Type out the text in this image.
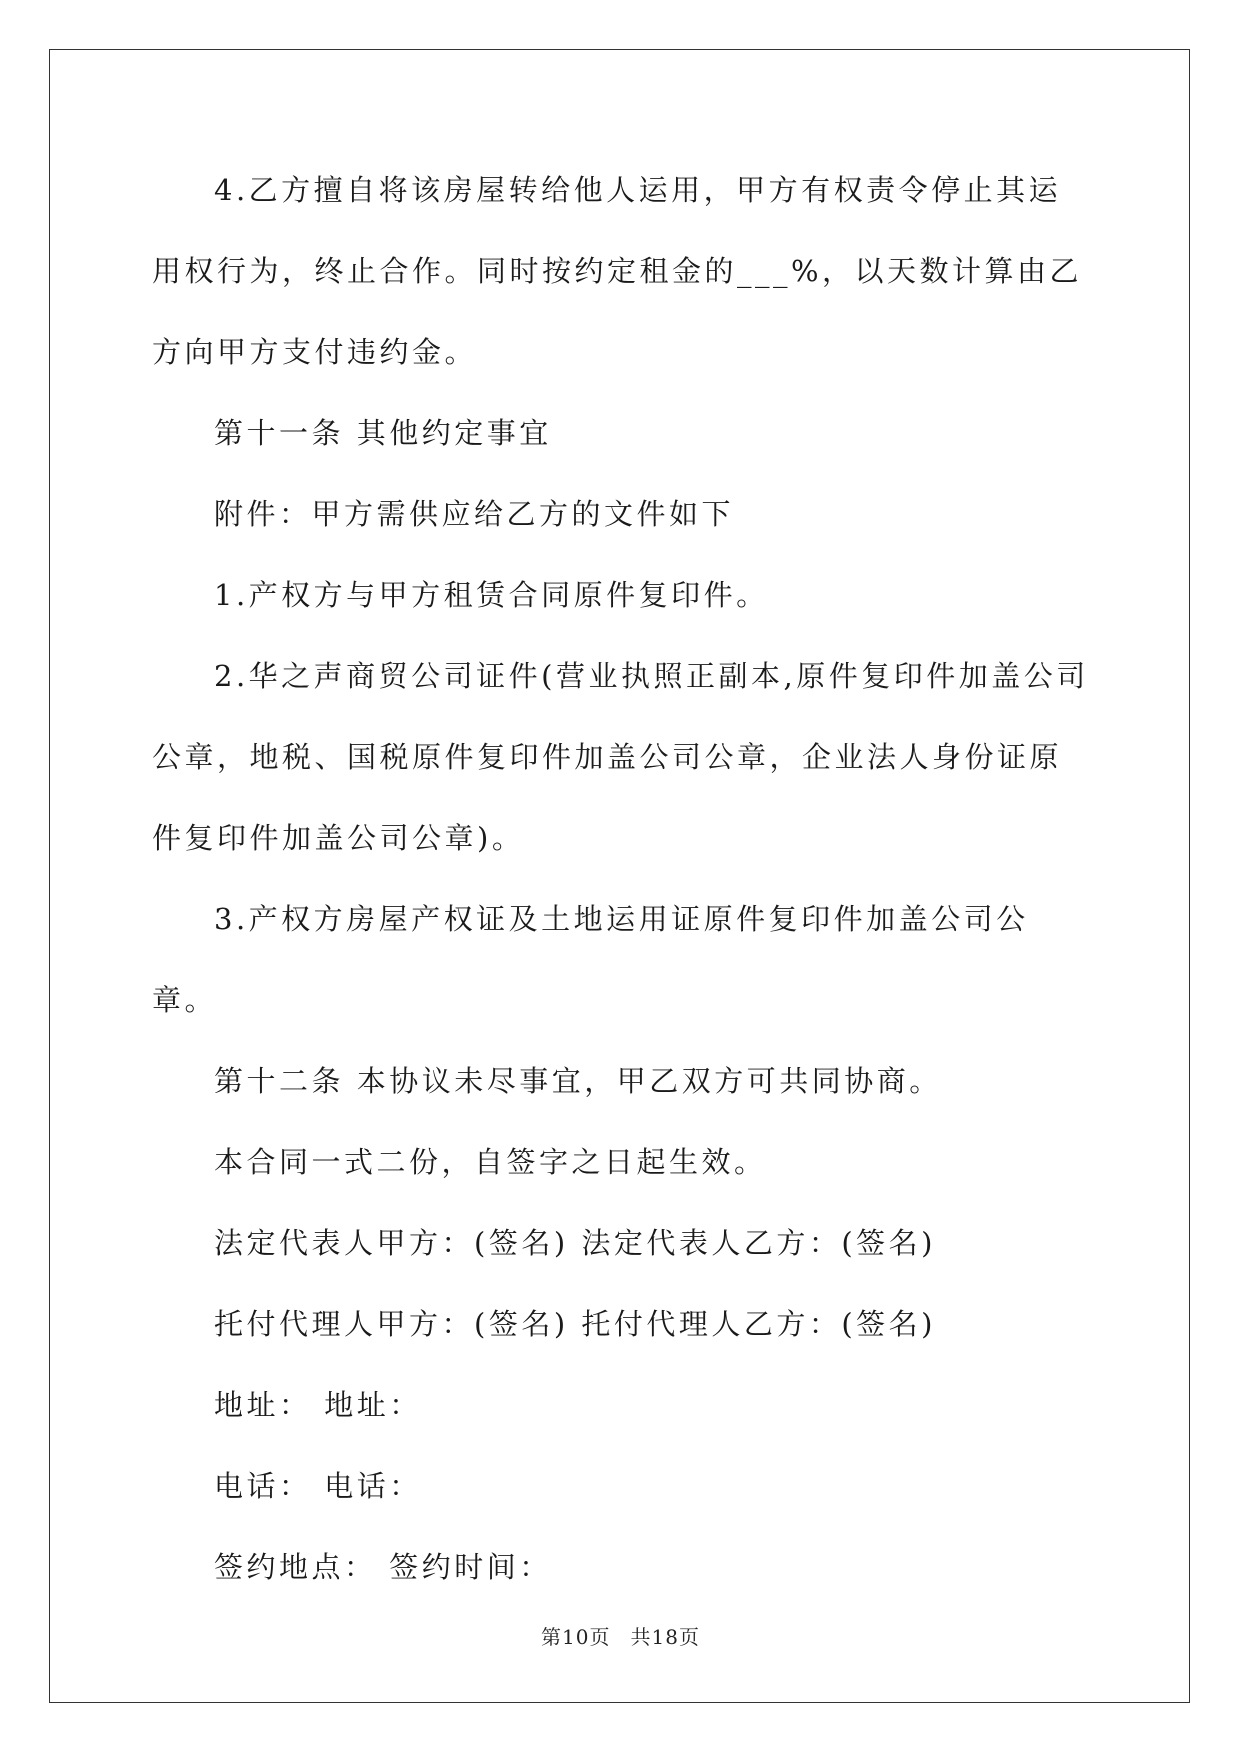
4.乙方擅自将该房屋转给他人运用，甲方有权责令停止其运用权行为，终止合作。同时按约定租金的___%，以天数计算由乙方向甲方支付违约金。

第十一条 其他约定事宜

附件：甲方需供应给乙方的文件如下

1.产权方与甲方租赁合同原件复印件。

2.华之声商贸公司证件(营业执照正副本,原件复印件加盖公司公章，地税、国税原件复印件加盖公司公章，企业法人身份证原件复印件加盖公司公章)。

3.产权方房屋产权证及土地运用证原件复印件加盖公司公章。

第十二条 本协议未尽事宜，甲乙双方可共同协商。

本合同一式二份，自签字之日起生效。

法定代表人甲方：(签名) 法定代表人乙方：(签名)

托付代理人甲方：(签名) 托付代理人乙方：(签名)

地址： 地址：

电话： 电话：

签约地点： 签约时间：

第10页 共18页
